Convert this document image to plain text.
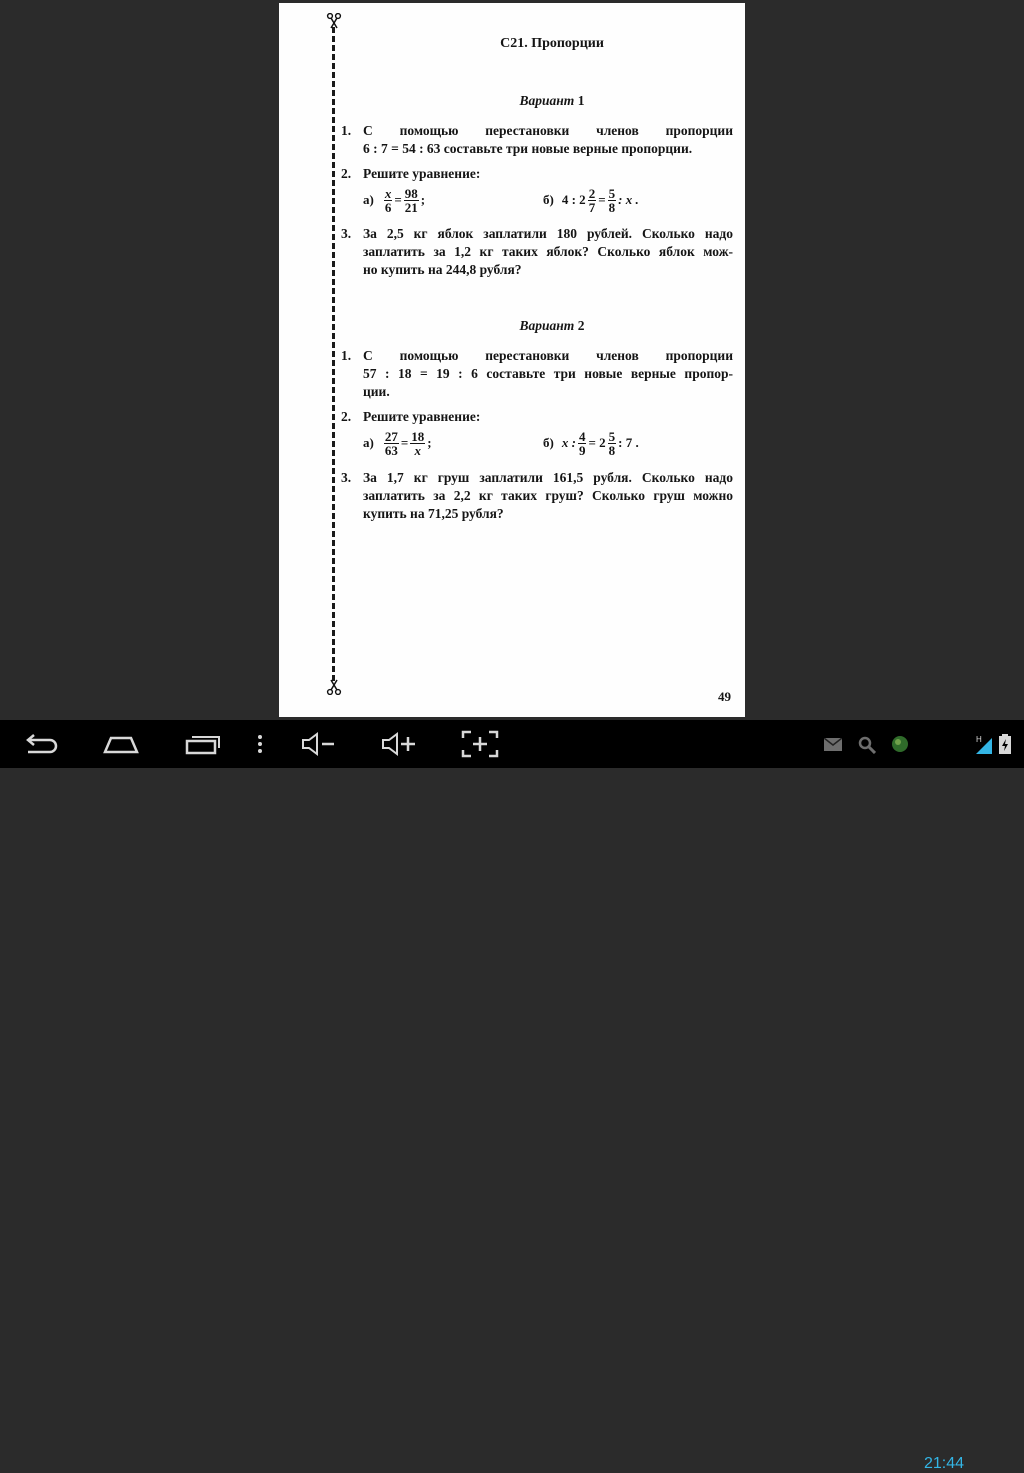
С21. Пропорции
Вариант 1
1. С помощью перестановки членов пропорции
6 : 7 = 54 : 63 составьте три новые верные пропорции.
2. Решите уравнение:
$а) \frac{x}{6} = \frac{98}{21}$ ;	б) 4 : $2 \frac{2}{7} = \frac{5}{8}$ : x .
3. За 2,5 кг яблок заплатили 180 рублей. Сколько надо
заплатить за 1,2 кг таких яблок? Сколько яблок мож-
но купить на 244,8 рубля?
Вариант 2
1. С помощью перестановки членов пропорции
57 : 18 = 19 : 6 составьте три новые верные пропор-
ции.
2. Решите уравнение:
$а) \frac{27}{63} = \frac{18}{x}$ ;	б) x : $\frac{4}{9} = 2 \frac{5}{8}$ : 7 .
3. За 1,7 кг груш заплатили 161,5 рубля. Сколько надо
заплатить за 2,2 кг таких груш? Сколько груш можно
купить на 71,25 рубля?
49
21:44
H
